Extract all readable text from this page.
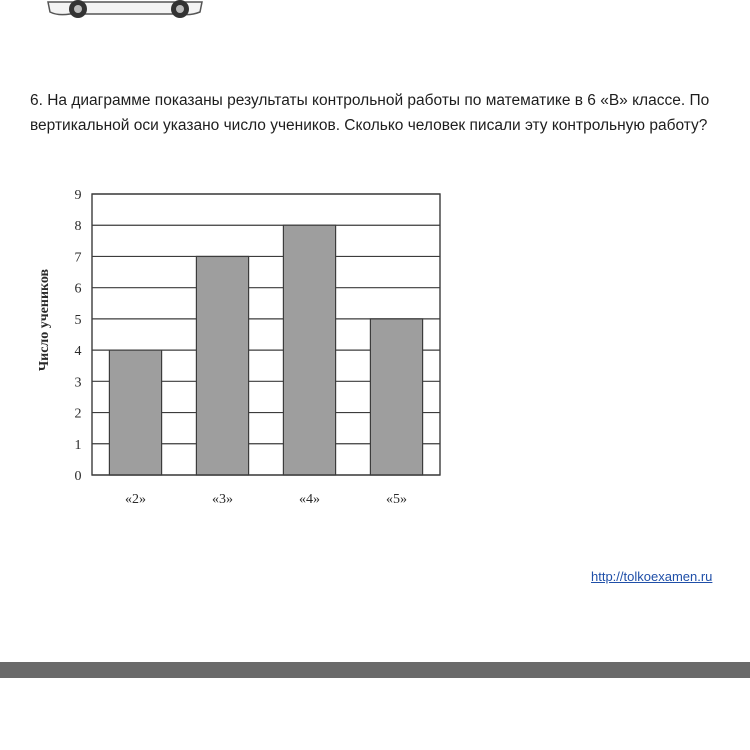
6. На диаграмме показаны результаты контрольной работы по математике в 6 «В» классе. По вертикальной оси указано число учеников. Сколько человек писали эту контрольную работу?

0
1
2
3
4
5
6
7
8
9
«2»	«3»	«4»	«5»
Число учеников
http://tolkoexamen.ru
